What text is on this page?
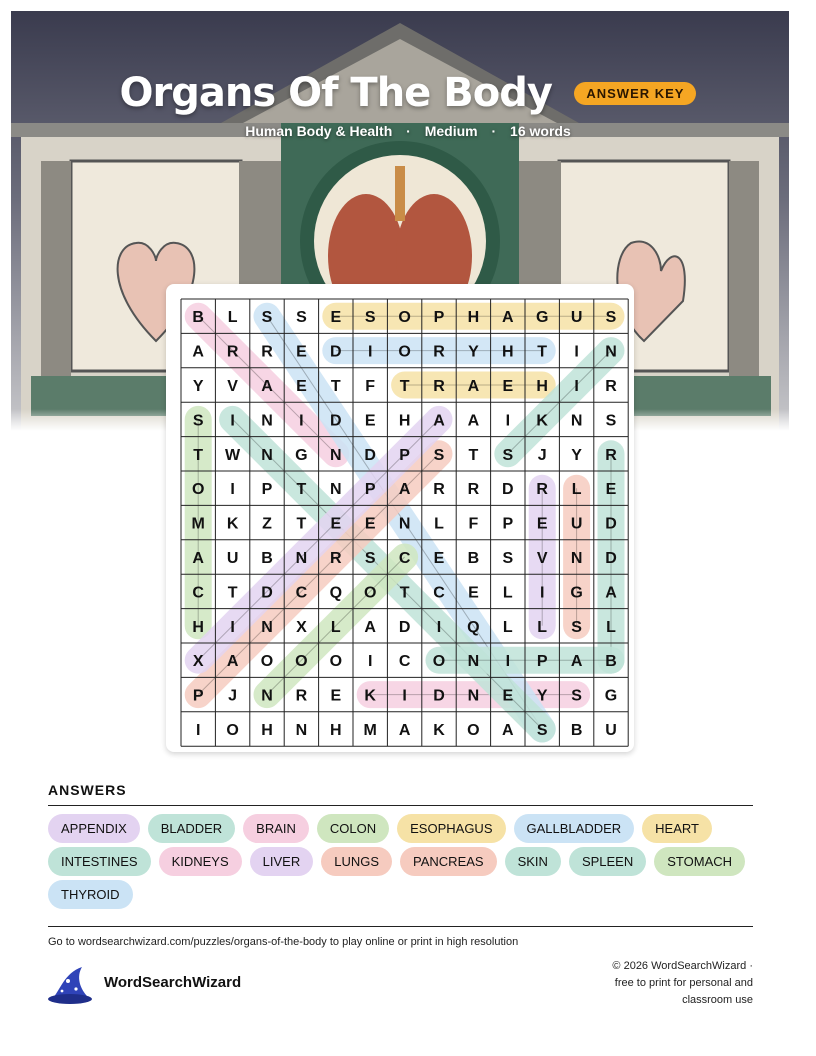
Organs Of The Body	ANSWER KEY
Human Body & Health · Medium · 16 words
B L S S E S O P H A G U S
A R R E D I O R Y H T I N
Y V A E T F T R A E H I R
S I N I D E H A A I K N S
T W N G N D P S T S J Y R
O I P T N P A R R D R L E
M K Z T E E N L F P E U D
A U B N R S C E B S V N D
C T D C Q O T C E L I G A
H I N X L A D I Q L L S L
X A O O O I C O N I P A B
P J N R E K I D N E Y S G
I O H N H M A K O A S B U
ANSWERS
APPENDIX	BLADDER	BRAIN	COLON	ESOPHAGUS	GALLBLADDER	HEARTINTESTINES	KIDNEYS	LIVER	LUNGS	PANCREAS	SKIN	SPLEEN	STOMACHTHYROID
Go to wordsearchwizard.com/puzzles/organs-of-the-body to play online or print in high resolution
WordSearchWizard
© 2026 WordSearchWizard ·
free to print for personal and
classroom use
